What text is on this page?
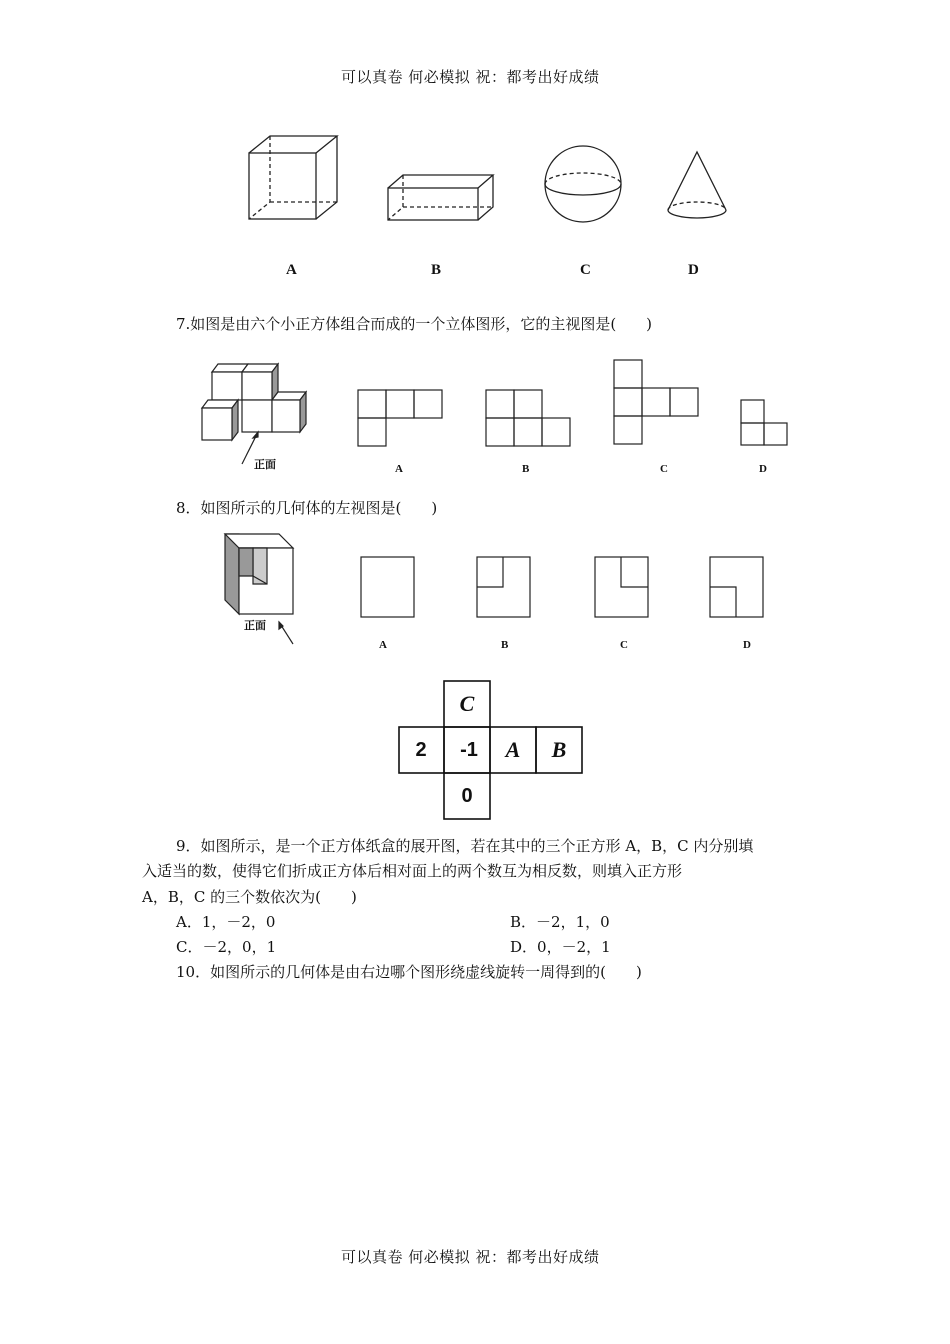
可以真卷 何必模拟 祝：都考出好成绩
A	B	C	D
7.如图是由六个小正方体组合而成的一个立体图形，它的主视图是(　　)
正面	A	B	C	D
8．如图所示的几何体的左视图是(　　)
正面
A	B	C	D
C
2	-1	A B
0
9．如图所示，是一个正方体纸盒的展开图，若在其中的三个正方形 A，B，C 内分别填
入适当的数，使得它们折成正方体后相对面上的两个数互为相反数，则填入正方形
A，B，C 的三个数依次为(　　)
A．1，－2，0	B．－2，1，0
C．－2，0，1	D．0，－2，1
10．如图所示的几何体是由右边哪个图形绕虚线旋转一周得到的(　　)
可以真卷 何必模拟 祝：都考出好成绩
